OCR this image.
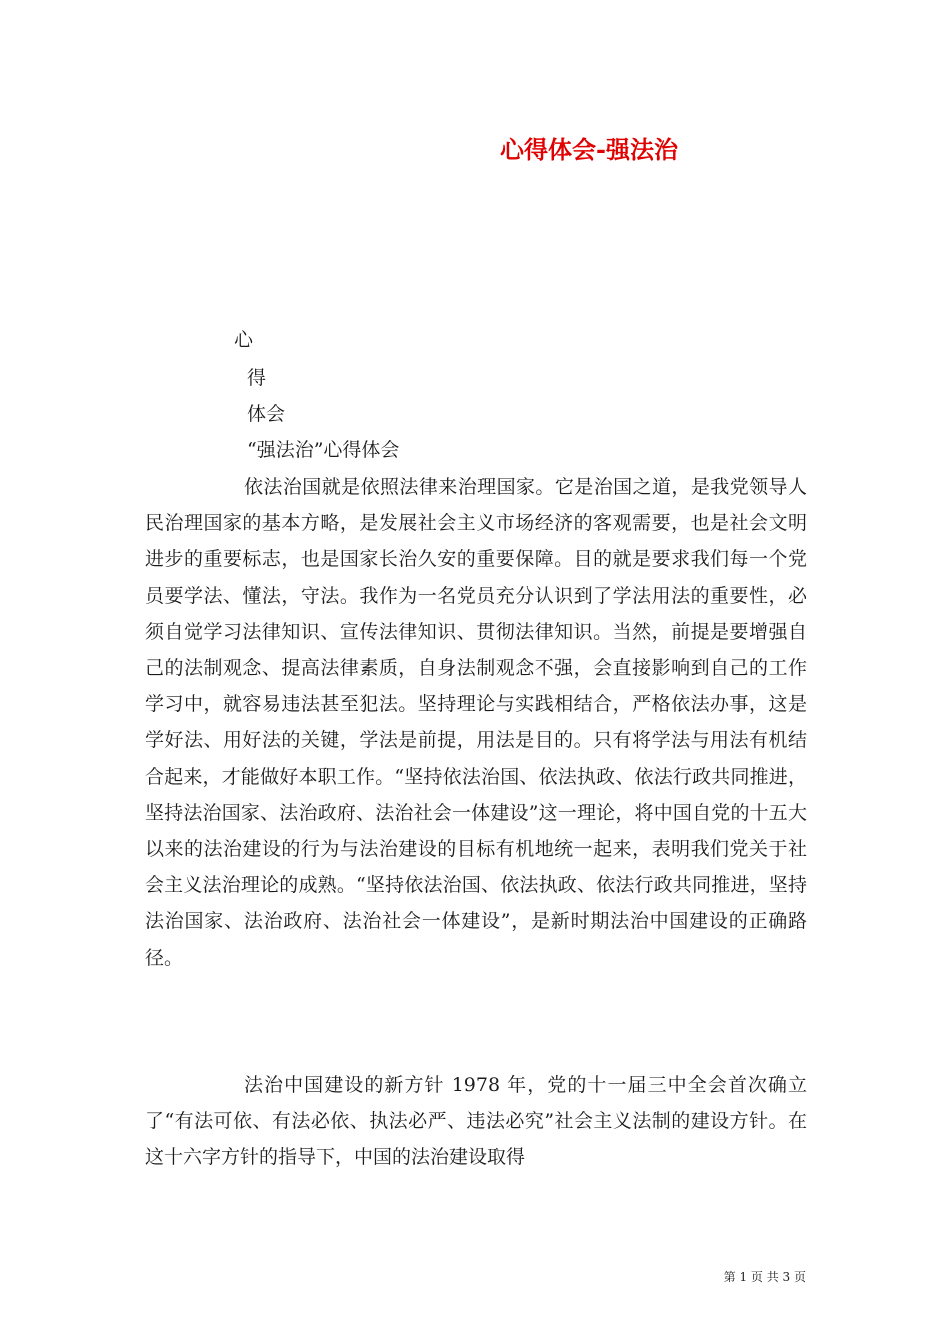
心得体会-强法治
心
得
体会
“强法治”心得体会

依法治国就是依照法律来治理国家。它是治国之道，是我党领导人民治理国家的基本方略，是发展社会主义市场经济的客观需要，也是社会文明进步的重要标志，也是国家长治久安的重要保障。目的就是要求我们每一个党员要学法、懂法，守法。我作为一名党员充分认识到了学法用法的重要性，必须自觉学习法律知识、宣传法律知识、贯彻法律知识。当然，前提是要增强自己的法制观念、提高法律素质，自身法制观念不强，会直接影响到自己的工作学习中，就容易违法甚至犯法。坚持理论与实践相结合，严格依法办事，这是学好法、用好法的关键，学法是前提，用法是目的。只有将学法与用法有机结合起来，才能做好本职工作。“坚持依法治国、依法执政、依法行政共同推进，坚持法治国家、法治政府、法治社会一体建设”这一理论，将中国自党的十五大以来的法治建设的行为与法治建设的目标有机地统一起来，表明我们党关于社会主义法治理论的成熟。“坚持依法治国、依法执政、依法行政共同推进，坚持法治国家、法治政府、法治社会一体建设”，是新时期法治中国建设的正确路径。

法治中国建设的新方针 1978 年，党的十一届三中全会首次确立了“有法可依、有法必依、执法必严、违法必究”社会主义法制的建设方针。在这十六字方针的指导下，中国的法治建设取得

第 1 页 共 3 页
